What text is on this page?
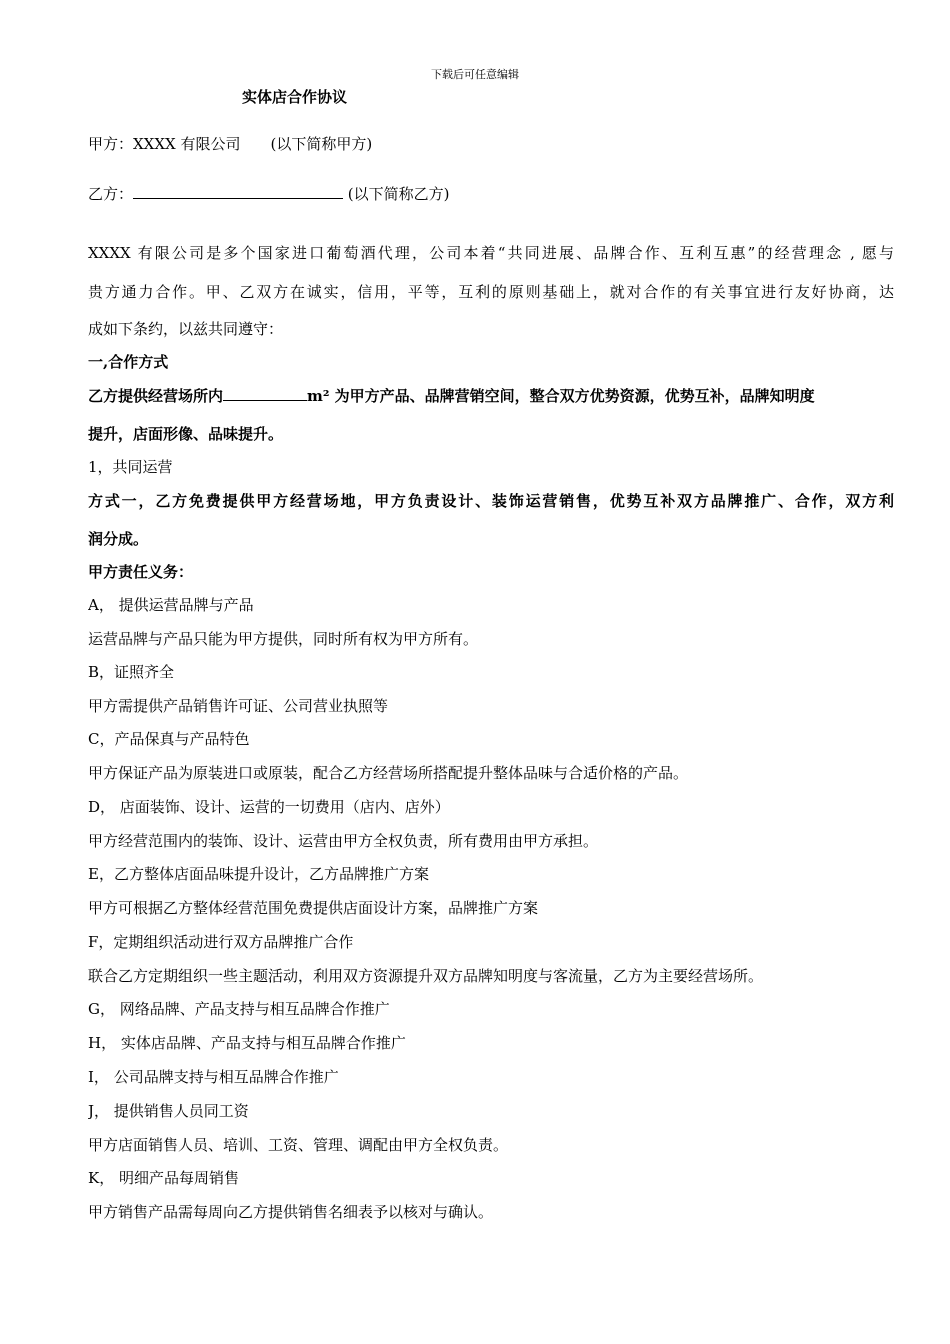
下载后可任意编辑
实体店合作协议
甲方：XXXX 有限公司 (以下简称甲方)
乙方：	(以下简称乙方)
XXXX 有限公司是多个国家进口葡萄酒代理，公司本着“共同进展、品牌合作、互利互惠”的经营理念 , 愿与
贵方通力合作。甲、乙双方在诚实，信用，平等，互利的原则基础上，就对合作的有关事宜进行友好协商，达
成如下条约，以兹共同遵守：
一,合作方式
乙方提供经营场所内	m² 为甲方产品、品牌营销空间，整合双方优势资源，优势互补，品牌知明度
提升，店面形像、品味提升。
1，共同运营
方式一，乙方免费提供甲方经营场地，甲方负责设计、装饰运营销售，优势互补双方品牌推广、合作，双方利
润分成。
甲方责任义务：
A， 提供运营品牌与产品
运营品牌与产品只能为甲方提供，同时所有权为甲方所有。
B，证照齐全
甲方需提供产品销售许可证、公司营业执照等
C，产品保真与产品特色
甲方保证产品为原装进口或原装，配合乙方经营场所搭配提升整体品味与合适价格的产品。
D， 店面装饰、设计、运营的一切费用（店内、店外）
甲方经营范围内的装饰、设计、运营由甲方全权负责，所有费用由甲方承担。
E，乙方整体店面品味提升设计，乙方品牌推广方案
甲方可根据乙方整体经营范围免费提供店面设计方案，品牌推广方案
F，定期组织活动进行双方品牌推广合作
联合乙方定期组织一些主题活动，利用双方资源提升双方品牌知明度与客流量，乙方为主要经营场所。
G， 网络品牌、产品支持与相互品牌合作推广
H， 实体店品牌、产品支持与相互品牌合作推广
I， 公司品牌支持与相互品牌合作推广
J， 提供销售人员同工资
甲方店面销售人员、培训、工资、管理、调配由甲方全权负责。
K， 明细产品每周销售
甲方销售产品需每周向乙方提供销售名细表予以核对与确认。
